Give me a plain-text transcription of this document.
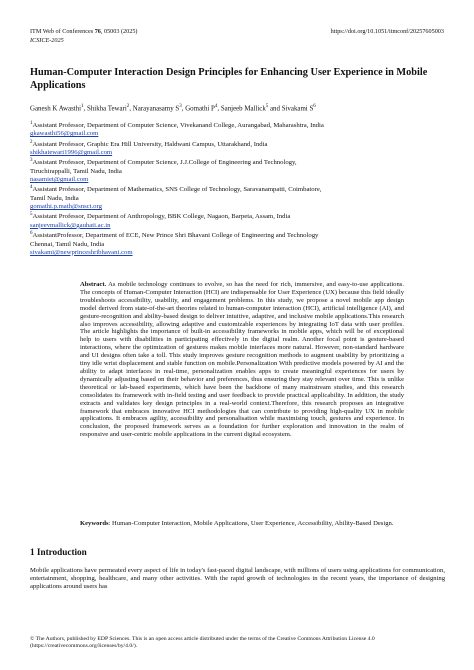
ITM Web of Conferences 76, 05003 (2025)	https://doi.org/10.1051/itmconf/20257605003
ICSICE-2025
Human-Computer Interaction Design Principles for Enhancing User Experience in Mobile Applications
Ganesh K Awasthi$^1$, Shikha Tewari$^2$, Narayanasamy $S^3$, Gomathi $P^4$, Sanjeeb Mallick$^5$ and Sivakami $S^6$
$^1$Assistant Professor, Department of Computer Science, Vivekanand College, Aurangabad, Maharashtra, India
gkawasthi56@gmail.com
$^2$Assistant Professor, Graphic Era Hill University, Haldwani Campus, Uttarakhand, India
shikhatewari1996@gmail.com
$^3$Assistant Professor, Department of Computer Science, J.J.College of Engineering and Technology,
Tiruchirappalli, Tamil Nadu, India
nasamiet@gmail.com
$^4$Assistant Professor, Department of Mathematics, SNS College of Technology, Saravanampatti, Coimbatore,
Tamil Nadu, India
gomathi.p.math@snsct.org
$^5$Assistant Professor, Department of Anthropology, BBK College, Nagaon, Barpeta, Assam, India
sanjeevmallick@gauhati.ac.in
$^6$AssistantProfessor, Department of ECE, New Prince Shri Bhavani College of Engineering and Technology
Chennai, Tamil Nadu, India
sivakami@newprinceshribhavani.com
Abstract. As mobile technology continues to evolve, so has the need for rich, immersive, and easy-to-use applications. The concepts of Human-Computer Interaction (HCI) are indispensable for User Experience (UX) because this field ideally troubleshoots accessibility, usability, and engagement problems. In this study, we propose a novel mobile app design model derived from state-of-the-art theories related to human-computer interaction (HCI), artificial intelligence (AI), and gesture-recognition and ability-based design to deliver intuitive, adaptive, and inclusive mobile applications.This research also improves accessibility, allowing adaptive and customizable experiences by integrating IoT data with user profiles. The article highlights the importance of built-in accessibility frameworks in mobile apps, which will be of exceptional help to users with disabilities in participating effectively in the digital realm. Another focal point is gesture-based interactions, where the optimization of gestures makes mobile interfaces more natural. However, non-standard hardware and UI designs often take a toll. This study improves gesture recognition methods to augment usability by prioritizing a tiny idle wrist displacement and stable function on mobile.Personalization With predictive models powered by AI and the ability to adapt interfaces in real-time, personalization enables apps to create meaningful experiences for users by dynamically adjusting based on their behavior and preferences, thus ensuring they stay relevant over time. This is unlike theoretical or lab-based experiments, which have been the backbone of many mainstream studies, and this research consolidates its framework with in-field testing and user feedback to provide practical applicability. In addition, the study extracts and validates key design principles in a real-world context.Therefore, this research proposes an integrative framework that embraces innovative HCI methodologies that can contribute to providing high-quality UX in mobile applications. It embraces agility, accessibility and personalisation while maximising touch, gestures and experience. In conclusion, the proposed framework serves as a foundation for further exploration and innovation in the realm of responsive and user-centric mobile applications in the current digital ecosystem.
Keywords: Human-Computer Interaction, Mobile Applications, User Experience, Accessibility, Ability-Based Design.
1 Introduction
Mobile applications have permeated every aspect of life in today's fast-paced digital landscape, with millions of users using applications for communication, entertainment, shopping, healthcare, and many other activities. With the rapid growth of technologies in the recent years, the importance of designing applications around users has
© The Authors, published by EDP Sciences. This is an open access article distributed under the terms of the Creative Commons Attribution License 4.0 (https://creativecommons.org/licenses/by/4.0/).
